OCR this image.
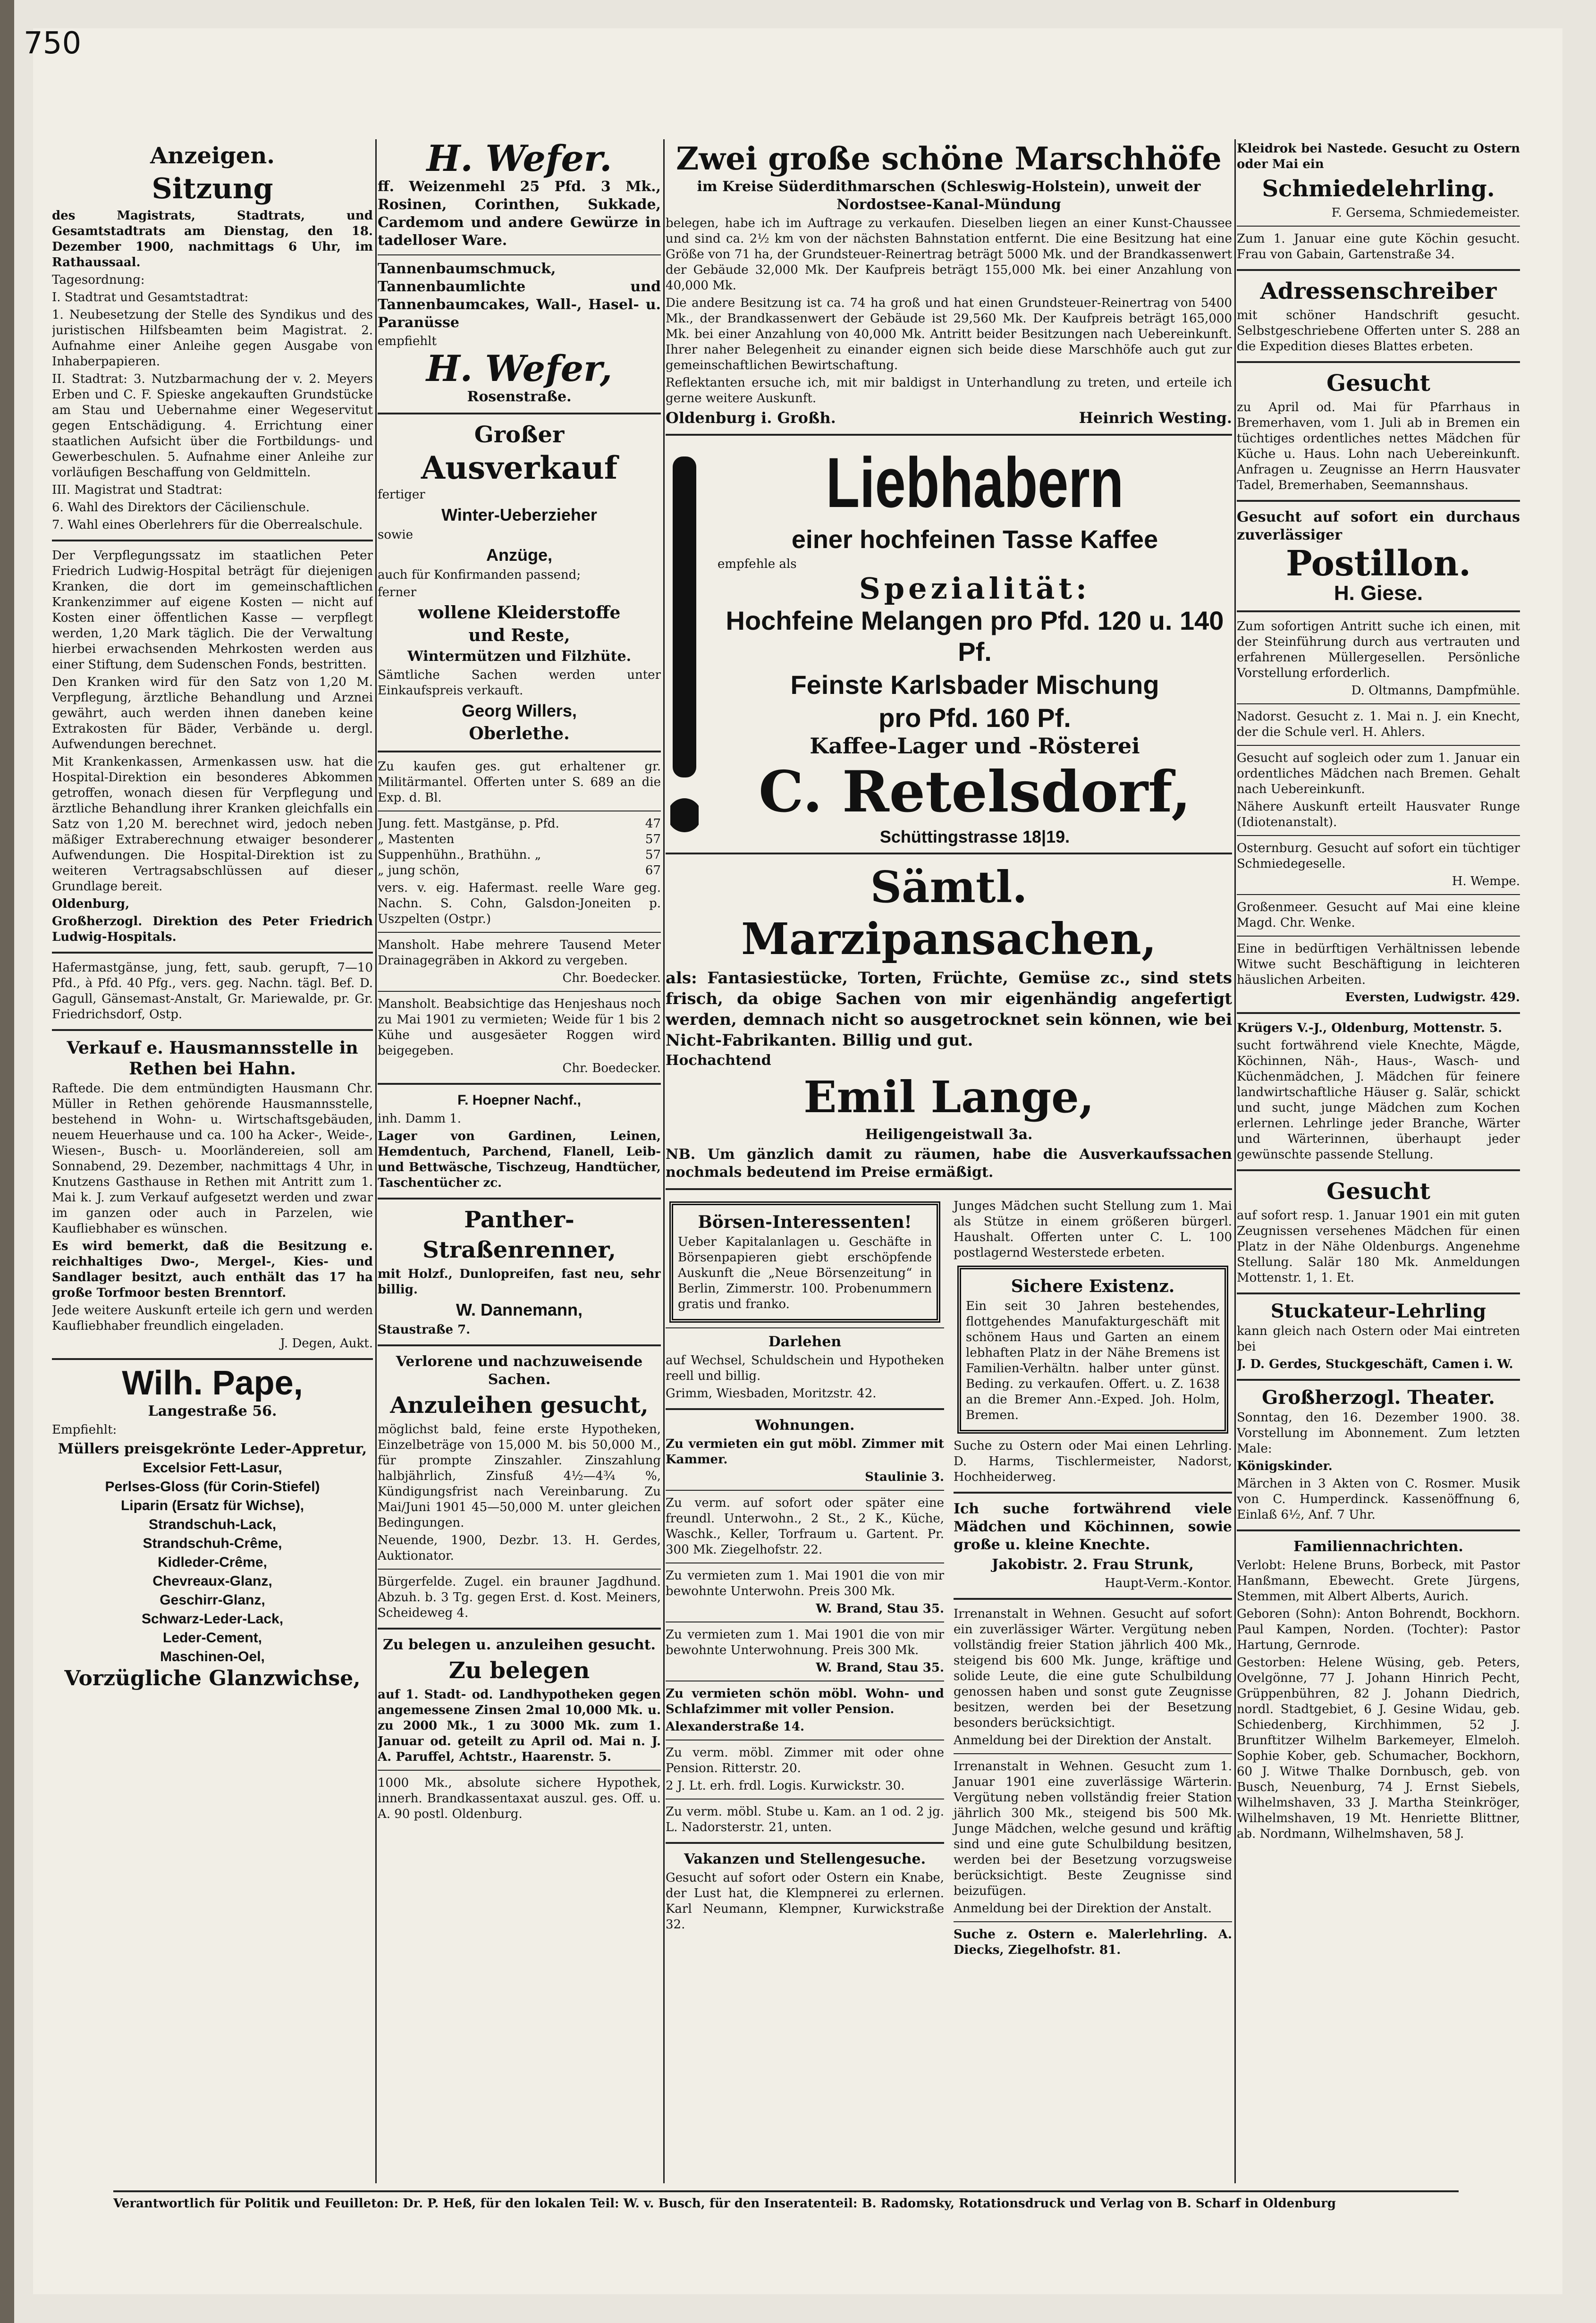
750
Anzeigen.
Sitzung

des Magistrats, Stadtrats, und Gesamtstadtrats am Dienstag, den 18. Dezember 1900, nachmittags 6 Uhr, im Rathaussaal.

Tagesordnung:

I. Stadtrat und Gesamtstadtrat:

1. Neubesetzung der Stelle des Syndikus und des juristischen Hilfsbeamten beim Magistrat. 2. Aufnahme einer Anleihe gegen Ausgabe von Inhaberpapieren.

II. Stadtrat: 3. Nutzbarmachung der v. 2. Meyers Erben und C. F. Spieske angekauften Grundstücke am Stau und Uebernahme einer Wegeservitut gegen Entschädigung. 4. Errichtung einer staatlichen Aufsicht über die Fortbildungs- und Gewerbeschulen. 5. Aufnahme einer Anleihe zur vorläufigen Beschaffung von Geldmitteln.

III. Magistrat und Stadtrat:

6. Wahl des Direktors der Cäcilienschule.

7. Wahl eines Oberlehrers für die Oberrealschule.

Der Verpflegungssatz im staatlichen Peter Friedrich Ludwig-Hospital beträgt für diejenigen Kranken, die dort im gemeinschaftlichen Krankenzimmer auf eigene Kosten — nicht auf Kosten einer öffentlichen Kasse — verpflegt werden, 1,20 Mark täglich. Die der Verwaltung hierbei erwachsenden Mehrkosten werden aus einer Stiftung, dem Sudenschen Fonds, bestritten.

Den Kranken wird für den Satz von 1,20 M. Verpflegung, ärztliche Behandlung und Arznei gewährt, auch werden ihnen daneben keine Extrakosten für Bäder, Verbände u. dergl. Aufwendungen berechnet.

Mit Krankenkassen, Armenkassen usw. hat die Hospital-Direktion ein besonderes Abkommen getroffen, wonach diesen für Verpflegung und ärztliche Behandlung ihrer Kranken gleichfalls ein Satz von 1,20 M. berechnet wird, jedoch neben mäßiger Extraberechnung etwaiger besonderer Aufwendungen. Die Hospital-Direktion ist zu weiteren Vertragsabschlüssen auf dieser Grundlage bereit.

Oldenburg,

Großherzogl. Direktion des Peter Friedrich Ludwig-Hospitals.

Hafermastgänse, jung, fett, saub. gerupft, 7—10 Pfd., à Pfd. 40 Pfg., vers. geg. Nachn. tägl. Bef. D. Gagull, Gänsemast-Anstalt, Gr. Mariewalde, pr. Gr. Friedrichsdorf, Ostp.

Verkauf e. Hausmannsstelle in Rethen bei Hahn.

Raftede. Die dem entmündigten Hausmann Chr. Müller in Rethen gehörende Hausmannsstelle, bestehend in Wohn- u. Wirtschaftsgebäuden, neuem Heuerhause und ca. 100 ha Acker-, Weide-, Wiesen-, Busch- u. Moorländereien, soll am Sonnabend, 29. Dezember, nachmittags 4 Uhr, in Knutzens Gasthause in Rethen mit Antritt zum 1. Mai k. J. zum Verkauf aufgesetzt werden und zwar im ganzen oder auch in Parzelen, wie Kaufliebhaber es wünschen.

Es wird bemerkt, daß die Besitzung e. reichhaltiges Dwo-, Mergel-, Kies- und Sandlager besitzt, auch enthält das 17 ha große Torfmoor besten Brenntorf.

Jede weitere Auskunft erteile ich gern und werden Kaufliebhaber freundlich eingeladen.

J. Degen, Aukt.

Wilh. Pape,
Langestraße 56.
Empfiehlt:
Müllers preisgekrönte Leder-Appretur,
Excelsior Fett-Lasur,
Perlses-Gloss (für Corin-Stiefel)
Liparin (Ersatz für Wichse),
Strandschuh-Lack,
Strandschuh-Crême,
Kidleder-Crême,
Chevreaux-Glanz,
Geschirr-Glanz,
Schwarz-Leder-Lack,
Leder-Cement,
Maschinen-Oel,
Vorzügliche Glanzwichse,
H. Wefer.

ff. Weizenmehl 25 Pfd. 3 Mk., Rosinen, Corinthen, Sukkade, Cardemom und andere Gewürze in tadelloser Ware.

Tannenbaumschmuck, Tannenbaumlichte und Tannenbaumcakes, Wall-, Hasel- u. Paranüsse

empfiehlt

H. Wefer,
Rosenstraße.
Großer
Ausverkauf

fertiger

Winter-Ueberzieher

sowie

Anzüge,

auch für Konfirmanden passend;

ferner

wollene Kleiderstoffe
und Reste,
Wintermützen und Filzhüte.

Sämtliche Sachen werden unter Einkaufspreis verkauft.

Georg Willers,
Oberlethe.

Zu kaufen ges. gut erhaltener gr. Militärmantel. Offerten unter S. 689 an die Exp. d. Bl.

Jung. fett. Mastgänse, p. Pfd.	47
„ Mastenten	57
Suppenhühn., Brathühn. „	57
„ jung schön,	67

vers. v. eig. Hafermast. reelle Ware geg. Nachn. S. Cohn, Galsdon-Joneiten p. Uszpelten (Ostpr.)

Mansholt. Habe mehrere Tausend Meter Drainagegräben in Akkord zu vergeben.

Chr. Boedecker.

Mansholt. Beabsichtige das Henjeshaus noch zu Mai 1901 zu vermieten; Weide für 1 bis 2 Kühe und ausgesäeter Roggen wird beigegeben.

Chr. Boedecker.

F. Hoepner Nachf.,

inh. Damm 1.

Lager von Gardinen, Leinen, Hemdentuch, Parchend, Flanell, Leib- und Bettwäsche, Tischzeug, Handtücher, Taschentücher zc.

Panther-
Straßenrenner,

mit Holzf., Dunlopreifen, fast neu, sehr billig.

W. Dannemann,

Staustraße 7.

Verlorene und nachzuweisende Sachen.
Anzuleihen gesucht,

möglichst bald, feine erste Hypotheken, Einzelbeträge von 15,000 M. bis 50,000 M., für prompte Zinszahler. Zinszahlung halbjährlich, Zinsfuß 4½—4¾ %, Kündigungsfrist nach Vereinbarung. Zu Mai/Juni 1901 45—50,000 M. unter gleichen Bedingungen.

Neuende, 1900, Dezbr. 13. H. Gerdes, Auktionator.

Bürgerfelde. Zugel. ein brauner Jagdhund. Abzuh. b. 3 Tg. gegen Erst. d. Kost. Meiners, Scheideweg 4.

Zu belegen u. anzuleihen gesucht.
Zu belegen

auf 1. Stadt- od. Landhypotheken gegen angemessene Zinsen 2mal 10,000 Mk. u. zu 2000 Mk., 1 zu 3000 Mk. zum 1. Januar od. geteilt zu April od. Mai n. J. A. Paruffel, Achtstr., Haarenstr. 5.

1000 Mk., absolute sichere Hypothek, innerh. Brandkassentaxat auszul. ges. Off. u. A. 90 postl. Oldenburg.

Zwei große schöne Marschhöfe
im Kreise Süderdithmarschen (Schleswig-Holstein), unweit der Nordostsee-Kanal-Mündung

belegen, habe ich im Auftrage zu verkaufen. Dieselben liegen an einer Kunst-Chaussee und sind ca. 2½ km von der nächsten Bahnstation entfernt. Die eine Besitzung hat eine Größe von 71 ha, der Grundsteuer-Reinertrag beträgt 5000 Mk. und der Brandkassenwert der Gebäude 32,000 Mk. Der Kaufpreis beträgt 155,000 Mk. bei einer Anzahlung von 40,000 Mk.

Die andere Besitzung ist ca. 74 ha groß und hat einen Grundsteuer-Reinertrag von 5400 Mk., der Brandkassenwert der Gebäude ist 29,560 Mk. Der Kaufpreis beträgt 165,000 Mk. bei einer Anzahlung von 40,000 Mk. Antritt beider Besitzungen nach Uebereinkunft. Ihrer naher Belegenheit zu einander eignen sich beide diese Marschhöfe auch gut zur gemeinschaftlichen Bewirtschaftung.

Reflektanten ersuche ich, mit mir baldigst in Unterhandlung zu treten, und erteile ich gerne weitere Auskunft.

Oldenburg i. Großh.	Heinrich Westing.
Liebhabern
einer hochfeinen Tasse Kaffee

empfehle als

Spezialität:
Hochfeine Melangen pro Pfd. 120 u. 140 Pf.
Feinste Karlsbader Mischung
pro Pfd. 160 Pf.
Kaffee-Lager und -Rösterei
C. Retelsdorf,
Schüttingstrasse 18|19.
Sämtl. Marzipansachen,

als: Fantasiestücke, Torten, Früchte, Gemüse zc., sind stets frisch, da obige Sachen von mir eigenhändig angefertigt werden, demnach nicht so ausgetrocknet sein können, wie bei Nicht-Fabrikanten. Billig und gut.

Hochachtend

Emil Lange,
Heiligengeistwall 3a.

NB. Um gänzlich damit zu räumen, habe die Ausverkaufssachen nochmals bedeutend im Preise ermäßigt.

Börsen-Interessenten!

Ueber Kapitalanlagen u. Geschäfte in Börsenpapieren giebt erschöpfende Auskunft die „Neue Börsenzeitung“ in Berlin, Zimmerstr. 100. Probenummern gratis und franko.

Darlehen

auf Wechsel, Schuldschein und Hypotheken reell und billig.

Grimm, Wiesbaden, Moritzstr. 42.

Wohnungen.

Zu vermieten ein gut möbl. Zimmer mit Kammer.

Staulinie 3.

Zu verm. auf sofort oder später eine freundl. Unterwohn., 2 St., 2 K., Küche, Waschk., Keller, Torfraum u. Gartent. Pr. 300 Mk. Ziegelhofstr. 22.

Zu vermieten zum 1. Mai 1901 die von mir bewohnte Unterwohn. Preis 300 Mk.

W. Brand, Stau 35.

Zu vermieten zum 1. Mai 1901 die von mir bewohnte Unterwohnung. Preis 300 Mk.

W. Brand, Stau 35.

Zu vermieten schön möbl. Wohn- und Schlafzimmer mit voller Pension.

Alexanderstraße 14.

Zu verm. möbl. Zimmer mit oder ohne Pension. Ritterstr. 20.

2 J. Lt. erh. frdl. Logis. Kurwickstr. 30.

Zu verm. möbl. Stube u. Kam. an 1 od. 2 jg. L. Nadorsterstr. 21, unten.

Vakanzen und Stellengesuche.

Gesucht auf sofort oder Ostern ein Knabe, der Lust hat, die Klempnerei zu erlernen. Karl Neumann, Klempner, Kurwickstraße 32.

Junges Mädchen sucht Stellung zum 1. Mai als Stütze in einem größeren bürgerl. Haushalt. Offerten unter C. L. 100 postlagernd Westerstede erbeten.

Sichere Existenz.

Ein seit 30 Jahren bestehendes, flottgehendes Manufakturgeschäft mit schönem Haus und Garten an einem lebhaften Platz in der Nähe Bremens ist Familien-Verhältn. halber unter günst. Beding. zu verkaufen. Offert. u. Z. 1638 an die Bremer Ann.-Exped. Joh. Holm, Bremen.

Suche zu Ostern oder Mai einen Lehrling. D. Harms, Tischlermeister, Nadorst, Hochheiderweg.

Ich suche fortwährend viele Mädchen und Köchinnen, sowie große u. kleine Knechte.

Jakobistr. 2. Frau Strunk,

Haupt-Verm.-Kontor.

Irrenanstalt in Wehnen. Gesucht auf sofort ein zuverlässiger Wärter. Vergütung neben vollständig freier Station jährlich 400 Mk., steigend bis 600 Mk. Junge, kräftige und solide Leute, die eine gute Schulbildung genossen haben und sonst gute Zeugnisse besitzen, werden bei der Besetzung besonders berücksichtigt.

Anmeldung bei der Direktion der Anstalt.

Irrenanstalt in Wehnen. Gesucht zum 1. Januar 1901 eine zuverlässige Wärterin. Vergütung neben vollständig freier Station jährlich 300 Mk., steigend bis 500 Mk. Junge Mädchen, welche gesund und kräftig sind und eine gute Schulbildung besitzen, werden bei der Besetzung vorzugsweise berücksichtigt. Beste Zeugnisse sind beizufügen.

Anmeldung bei der Direktion der Anstalt.

Suche z. Ostern e. Malerlehrling. A. Diecks, Ziegelhofstr. 81.

Kleidrok bei Nastede. Gesucht zu Ostern oder Mai ein

Schmiedelehrling.

F. Gersema, Schmiedemeister.

Zum 1. Januar eine gute Köchin gesucht. Frau von Gabain, Gartenstraße 34.

Adressenschreiber

mit schöner Handschrift gesucht. Selbstgeschriebene Offerten unter S. 288 an die Expedition dieses Blattes erbeten.

Gesucht

zu April od. Mai für Pfarrhaus in Bremerhaven, vom 1. Juli ab in Bremen ein tüchtiges ordentliches nettes Mädchen für Küche u. Haus. Lohn nach Uebereinkunft. Anfragen u. Zeugnisse an Herrn Hausvater Tadel, Bremerhaben, Seemannshaus.

Gesucht auf sofort ein durchaus zuverlässiger

Postillon.
H. Giese.

Zum sofortigen Antritt suche ich einen, mit der Steinführung durch aus vertrauten und erfahrenen Müllergesellen. Persönliche Vorstellung erforderlich.

D. Oltmanns, Dampfmühle.

Nadorst. Gesucht z. 1. Mai n. J. ein Knecht, der die Schule verl. H. Ahlers.

Gesucht auf sogleich oder zum 1. Januar ein ordentliches Mädchen nach Bremen. Gehalt nach Uebereinkunft.

Nähere Auskunft erteilt Hausvater Runge (Idiotenanstalt).

Osternburg. Gesucht auf sofort ein tüchtiger Schmiedegeselle.

H. Wempe.

Großenmeer. Gesucht auf Mai eine kleine Magd. Chr. Wenke.

Eine in bedürftigen Verhältnissen lebende Witwe sucht Beschäftigung in leichteren häuslichen Arbeiten.

Eversten, Ludwigstr. 429.

Krügers V.-J., Oldenburg, Mottenstr. 5.

sucht fortwährend viele Knechte, Mägde, Köchinnen, Näh-, Haus-, Wasch- und Küchenmädchen, J. Mädchen für feinere landwirtschaftliche Häuser g. Salär, schickt und sucht, junge Mädchen zum Kochen erlernen. Lehrlinge jeder Branche, Wärter und Wärterinnen, überhaupt jeder gewünschte passende Stellung.

Gesucht

auf sofort resp. 1. Januar 1901 ein mit guten Zeugnissen versehenes Mädchen für einen Platz in der Nähe Oldenburgs. Angenehme Stellung. Salär 180 Mk. Anmeldungen Mottenstr. 1, 1. Et.

Stuckateur-Lehrling

kann gleich nach Ostern oder Mai eintreten bei

J. D. Gerdes, Stuckgeschäft, Camen i. W.

Großherzogl. Theater.

Sonntag, den 16. Dezember 1900. 38. Vorstellung im Abonnement. Zum letzten Male:

Königskinder.

Märchen in 3 Akten von C. Rosmer. Musik von C. Humperdinck. Kassenöffnung 6, Einlaß 6½, Anf. 7 Uhr.

Familiennachrichten.

Verlobt: Helene Bruns, Borbeck, mit Pastor Hanßmann, Ebewecht. Grete Jürgens, Stemmen, mit Albert Alberts, Aurich.

Geboren (Sohn): Anton Bohrendt, Bockhorn. Paul Kampen, Norden. (Tochter): Pastor Hartung, Gernrode.

Gestorben: Helene Wüsing, geb. Peters, Ovelgönne, 77 J. Johann Hinrich Pecht, Grüppenbühren, 82 J. Johann Diedrich, nordl. Stadtgebiet, 6 J. Gesine Widau, geb. Schiedenberg, Kirchhimmen, 52 J. Brunftitzer Wilhelm Barkemeyer, Elmeloh. Sophie Kober, geb. Schumacher, Bockhorn, 60 J. Witwe Thalke Dornbusch, geb. von Busch, Neuenburg, 74 J. Ernst Siebels, Wilhelmshaven, 33 J. Martha Steinkröger, Wilhelmshaven, 19 Mt. Henriette Blittner, ab. Nordmann, Wilhelmshaven, 58 J.

Verantwortlich für Politik und Feuilleton: Dr. P. Heß, für den lokalen Teil: W. v. Busch, für den Inseratenteil: B. Radomsky, Rotationsdruck und Verlag von B. Scharf in Oldenburg
